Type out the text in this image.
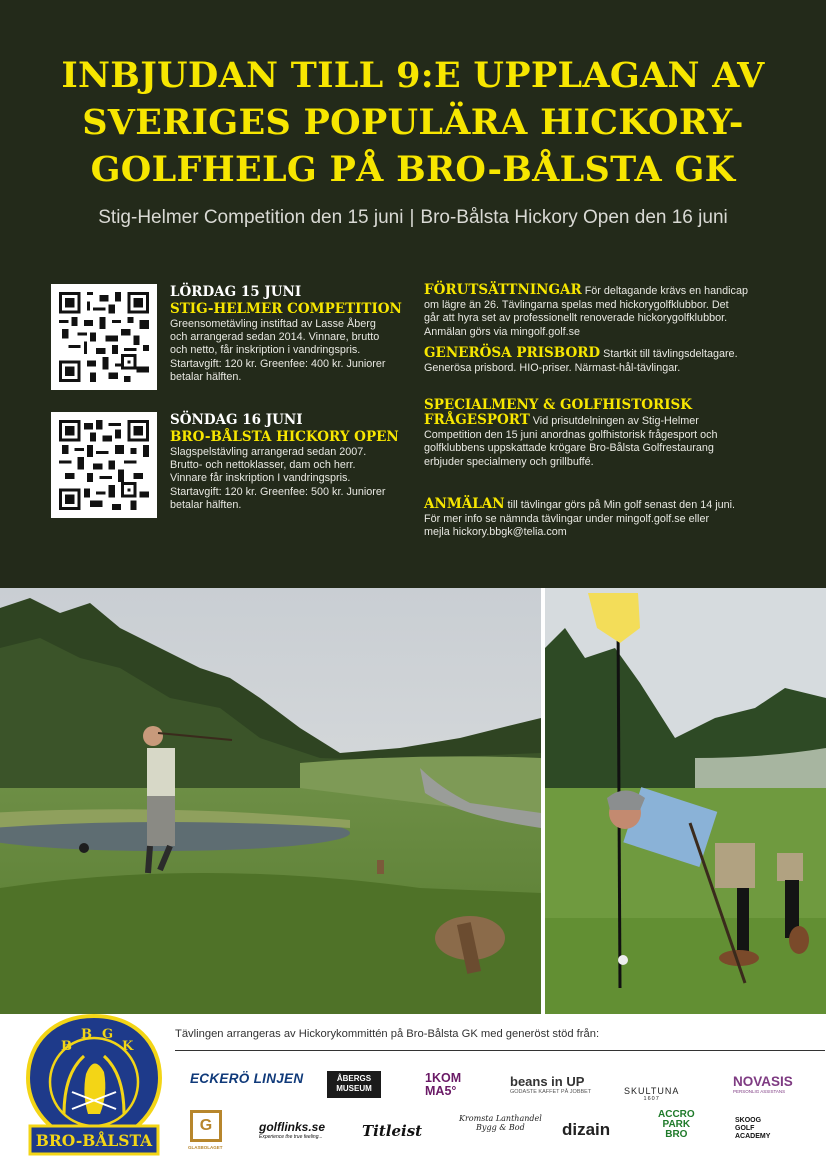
INBJUDAN TILL 9:E UPPLAGAN AV
SVERIGES POPULÄRA HICKORY-
GOLFHELG PÅ BRO-BÅLSTA GK
Stig-Helmer Competition den 15 juni | Bro-Bålsta Hickory Open den 16 juni
LÖRDAG 15 JUNI
STIG-HELMER COMPETITION
Greensometävling instiftad av Lasse Åberg
och arrangerad sedan 2014. Vinnare, brutto
och netto, får inskription i vandringspris.
Startavgift: 120 kr. Greenfee: 400 kr. Juniorer
betalar hälften.
SÖNDAG 16 JUNI
BRO-BÅLSTA HICKORY OPEN
Slagspelstävling arrangerad sedan 2007.
Brutto- och nettoklasser, dam och herr.
Vinnare får inskription I vandringspris.
Startavgift: 120 kr. Greenfee: 500 kr. Juniorer
betalar hälften.
FÖRUTSÄTTNINGAR För deltagande krävs en handicap
om lägre än 26. Tävlingarna spelas med hickorygolfklubbor. Det
går att hyra set av professionellt renoverade hickorygolfklubbor.
Anmälan görs via mingolf.golf.se
GENERÖSA PRISBORD Startkit till tävlingsdeltagare.
Generösa prisbord. HIO-priser. Närmast-hål-tävlingar.
SPECIALMENY & GOLFHISTORISK
FRÅGESPORT Vid prisutdelningen av Stig-Helmer
Competition den 15 juni anordnas golfhistorisk frågesport och
golfklubbens uppskattade krögare Bro-Bålsta Golfrestaurang
erbjuder specialmeny och grillbuffé.
ANMÄLAN till tävlingar görs på Min golf senast den 14 juni.
För mer info se nämnda tävlingar under mingolf.golf.se eller
mejla hickory.bbgk@telia.com
B
B G
K
BRO-BÅLSTA
Tävlingen arrangeras av Hickorykommittén på Bro-Bålsta GK med generöst stöd från:
ECKERÖ LINJEN	ÅBERGS
MUSEUM
1KOM
MA5°
beans in UP
GODASTE KAFFET PÅ JOBBET	SKULTUNA
1607
NOVASIS
PERSONLIG ASSISTANS
G
GLASBOLAGET
golflinks.se
Experience the true feeling...	Titleist
Kromsta Lanthandel
Bygg & Bod	dizain
ACCRO
PARK
BRO
SKOOG
GOLF
ACADEMY
